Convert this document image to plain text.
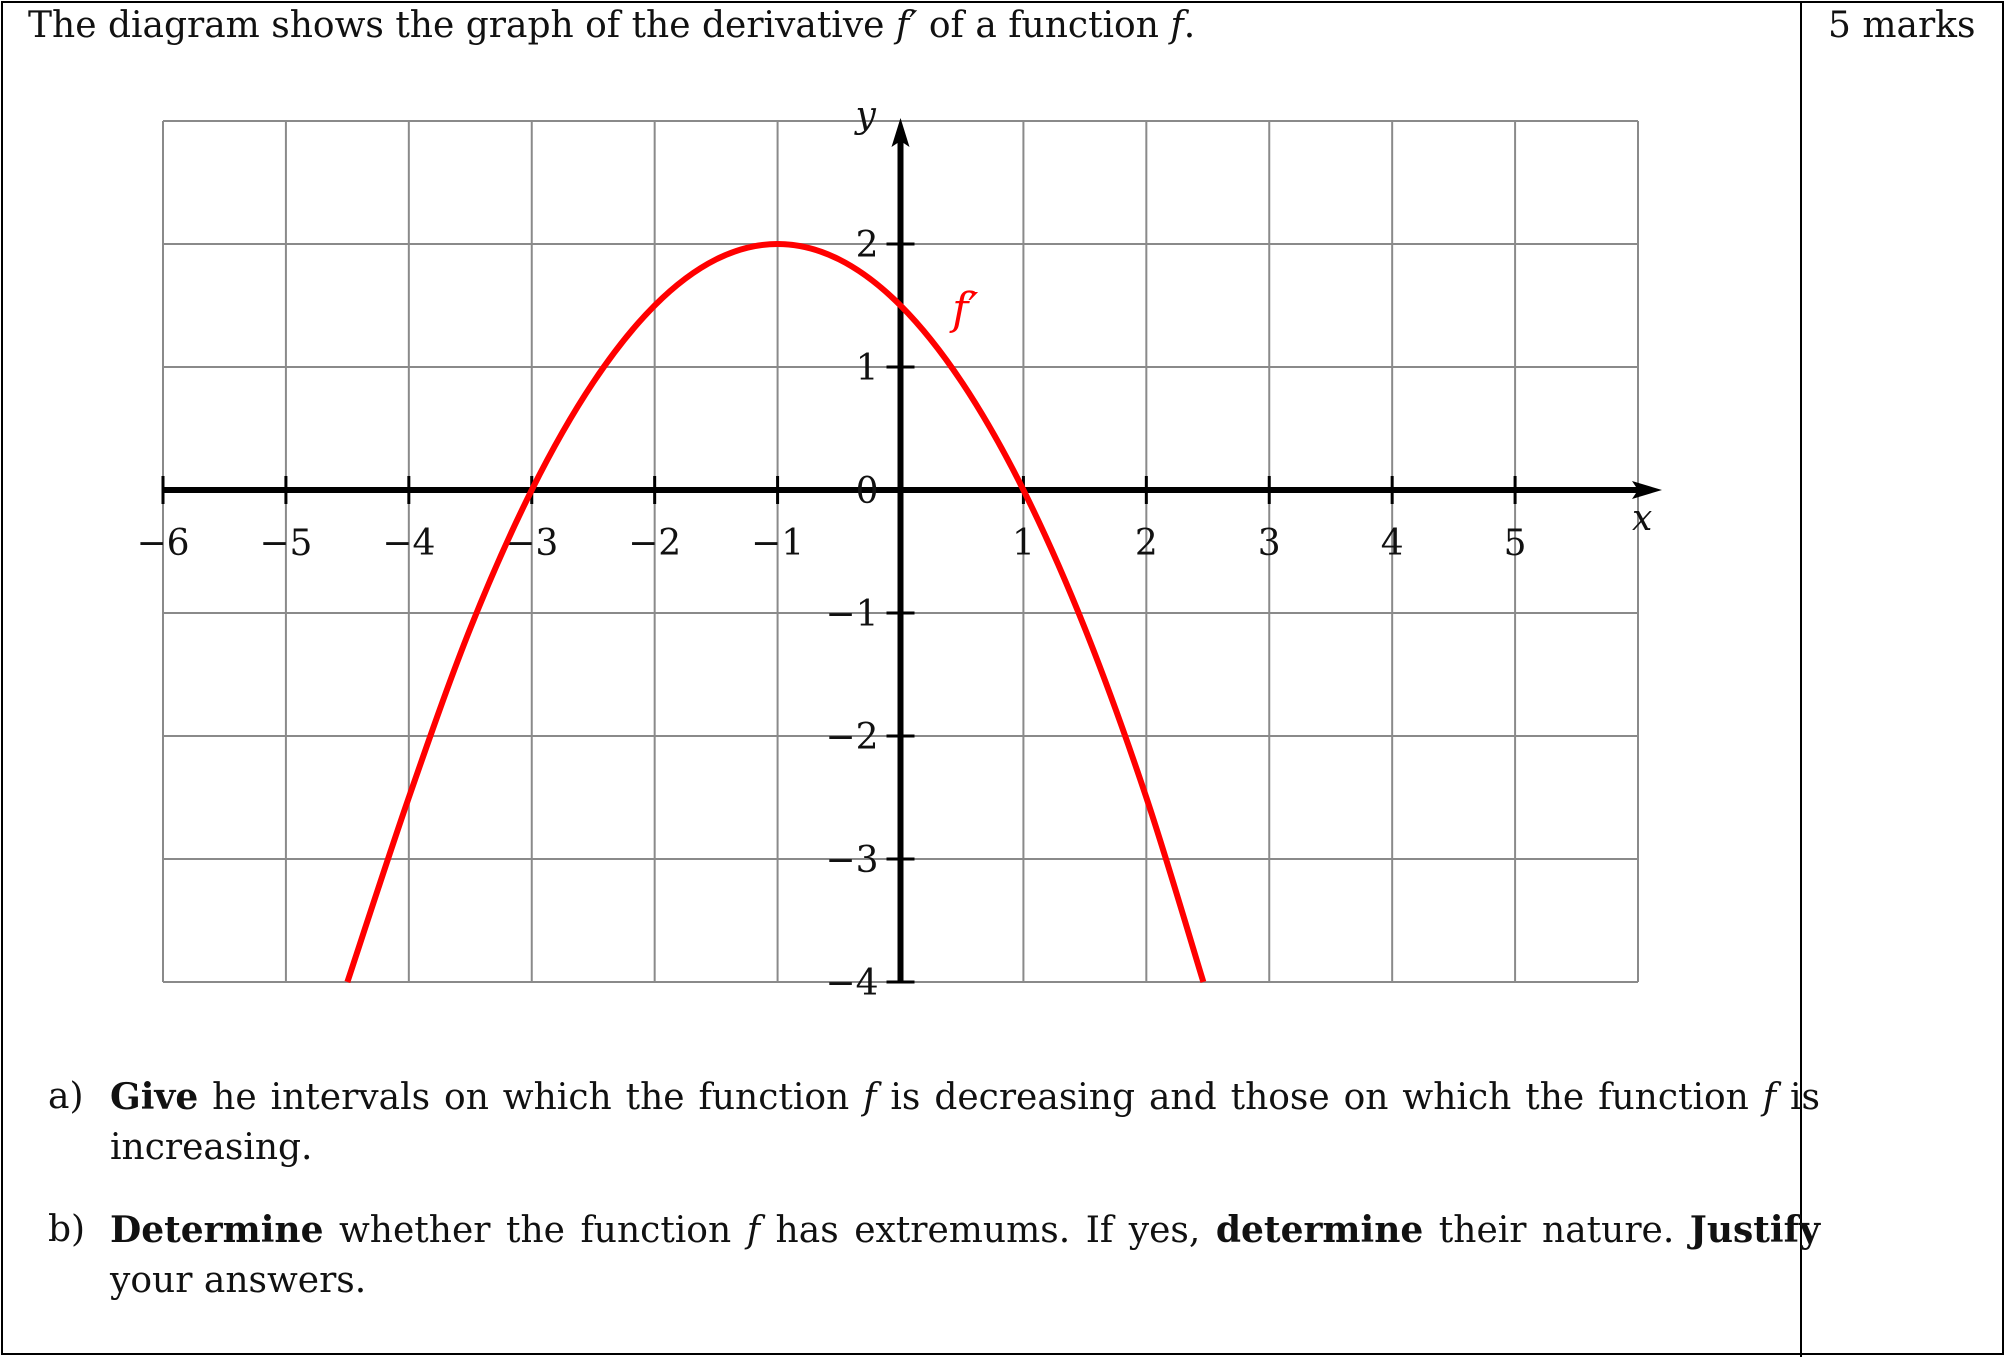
The diagram shows the graph of the derivative f′ of a function f.	5 marks
−6 −5 −4 −3 −2 −1	1	2	3	4	5
2
1
0
−1
−2
−3
−4
x
y
f′
a) Give he intervals on which the function f is decreasing and those on which the function f is increasing.
b) Determine whether the function f has extremums. If yes, determine their nature. Justify your answers.
